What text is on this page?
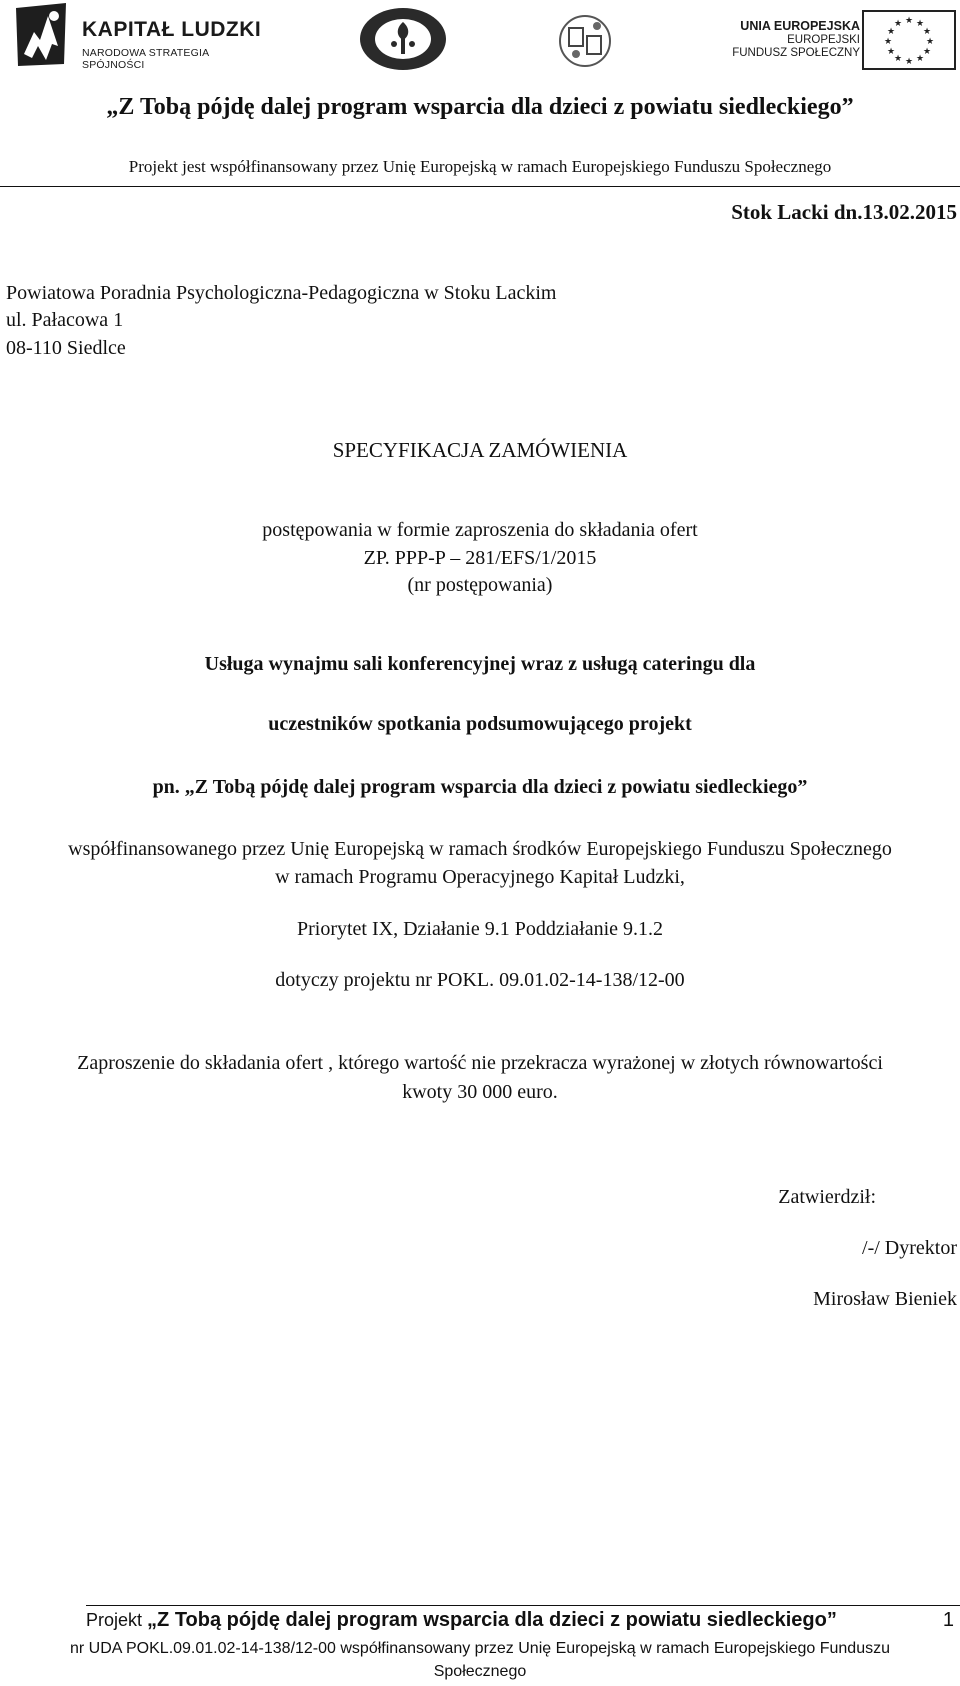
KAPITAŁ LUDZKI
NARODOWA STRATEGIA SPÓJNOŚCI
UNIA EUROPEJSKA
EUROPEJSKI
FUNDUSZ SPOŁECZNY
★ ★
★
★
★
★
★
★
★
★
★
★
„Z Tobą pójdę dalej program wsparcia dla dzieci z powiatu siedleckiego”
Projekt jest współfinansowany przez Unię Europejską w ramach Europejskiego Funduszu Społecznego
Stok Lacki dn.13.02.2015
Powiatowa Poradnia Psychologiczna-Pedagogiczna w Stoku Lackim
ul. Pałacowa 1
08-110 Siedlce
SPECYFIKACJA ZAMÓWIENIA
postępowania w formie zaproszenia do składania ofert
ZP. PPP-P – 281/EFS/1/2015
(nr postępowania)
Usługa wynajmu sali konferencyjnej wraz z usługą cateringu dla
uczestników spotkania podsumowującego projekt
pn. „Z Tobą pójdę dalej program wsparcia dla dzieci z powiatu siedleckiego”
współfinansowanego przez Unię Europejską w ramach środków Europejskiego Funduszu Społecznego
w ramach Programu Operacyjnego Kapitał Ludzki,
Priorytet IX, Działanie 9.1 Poddziałanie 9.1.2
dotyczy projektu nr POKL. 09.01.02-14-138/12-00
Zaproszenie do składania ofert , którego wartość nie przekracza wyrażonej w złotych równowartości
kwoty 30 000 euro.
Zatwierdził:
/-/ Dyrektor
Mirosław Bieniek
Projekt „Z Tobą pójdę dalej program wsparcia dla dzieci z powiatu siedleckiego”	1
nr UDA POKL.09.01.02-14-138/12-00 współfinansowany przez Unię Europejską w ramach Europejskiego Funduszu
Społecznego
